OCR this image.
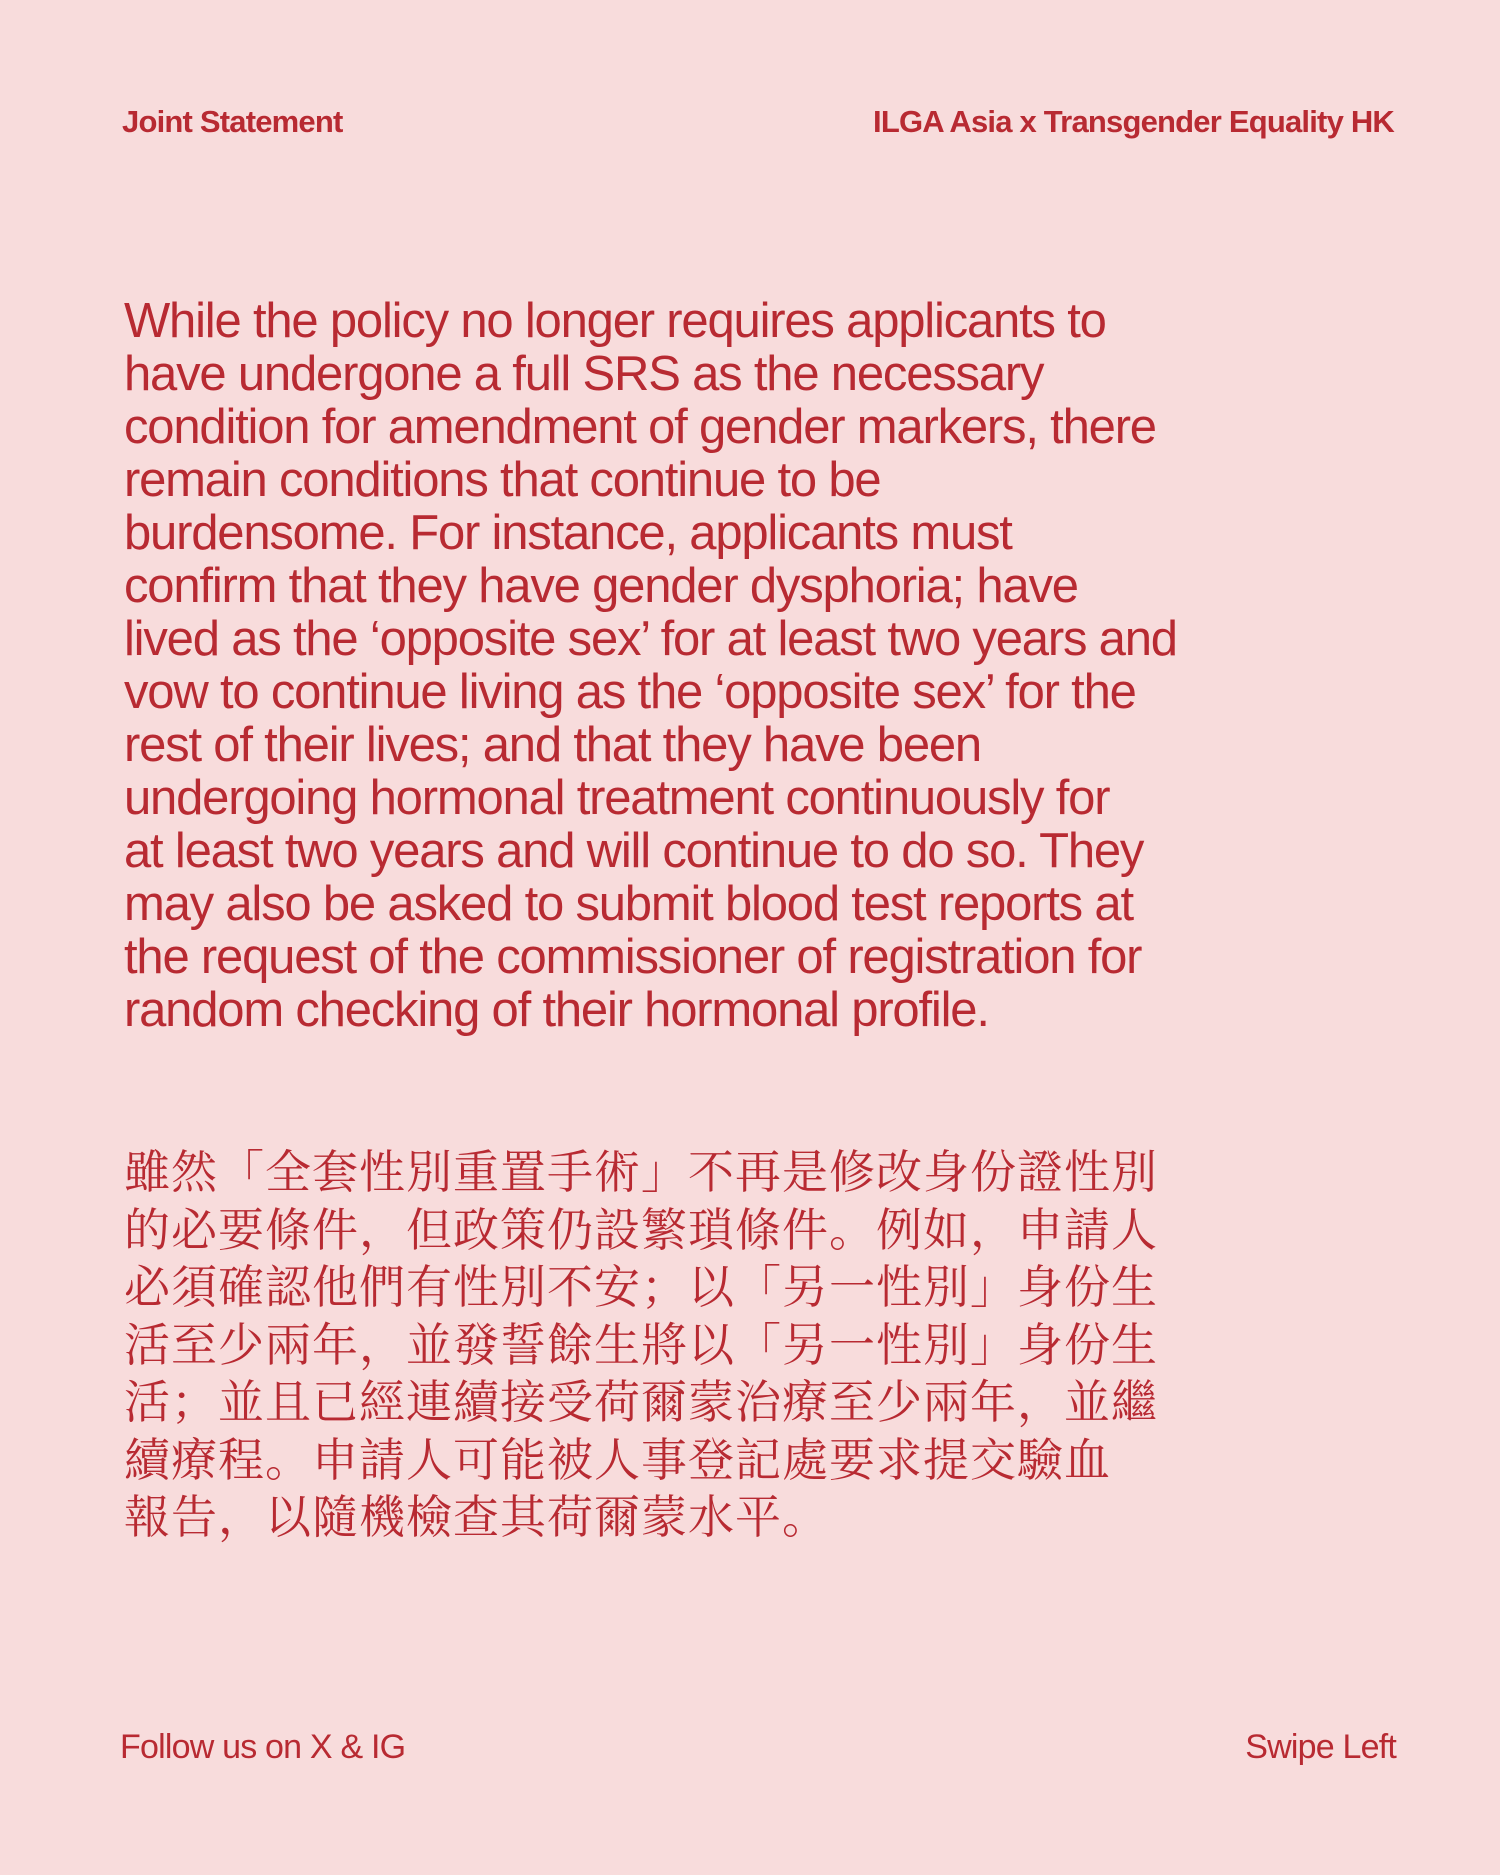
Joint Statement	ILGA Asia x Transgender Equality HK
While the policy no longer requires applicants to
have undergone a full SRS as the necessary
condition for amendment of gender markers, there
remain conditions that continue to be
burdensome. For instance, applicants must
confirm that they have gender dysphoria; have
lived as the ‘opposite sex’ for at least two years and
vow to continue living as the ‘opposite sex’ for the
rest of their lives; and that they have been
undergoing hormonal treatment continuously for
at least two years and will continue to do so. They
may also be asked to submit blood test reports at
the request of the commissioner of registration for
random checking of their hormonal profile.
雖然「全套性別重置手術」不再是修改身份證性別
的必要條件，但政策仍設繁瑣條件。例如，申請人
必須確認他們有性別不安；以「另一性別」身份生
活至少兩年，並發誓餘生將以「另一性別」身份生
活；並且已經連續接受荷爾蒙治療至少兩年，並繼
續療程。申請人可能被人事登記處要求提交驗血
報告，以隨機檢查其荷爾蒙水平。
Follow us on X & IG	Swipe Left
